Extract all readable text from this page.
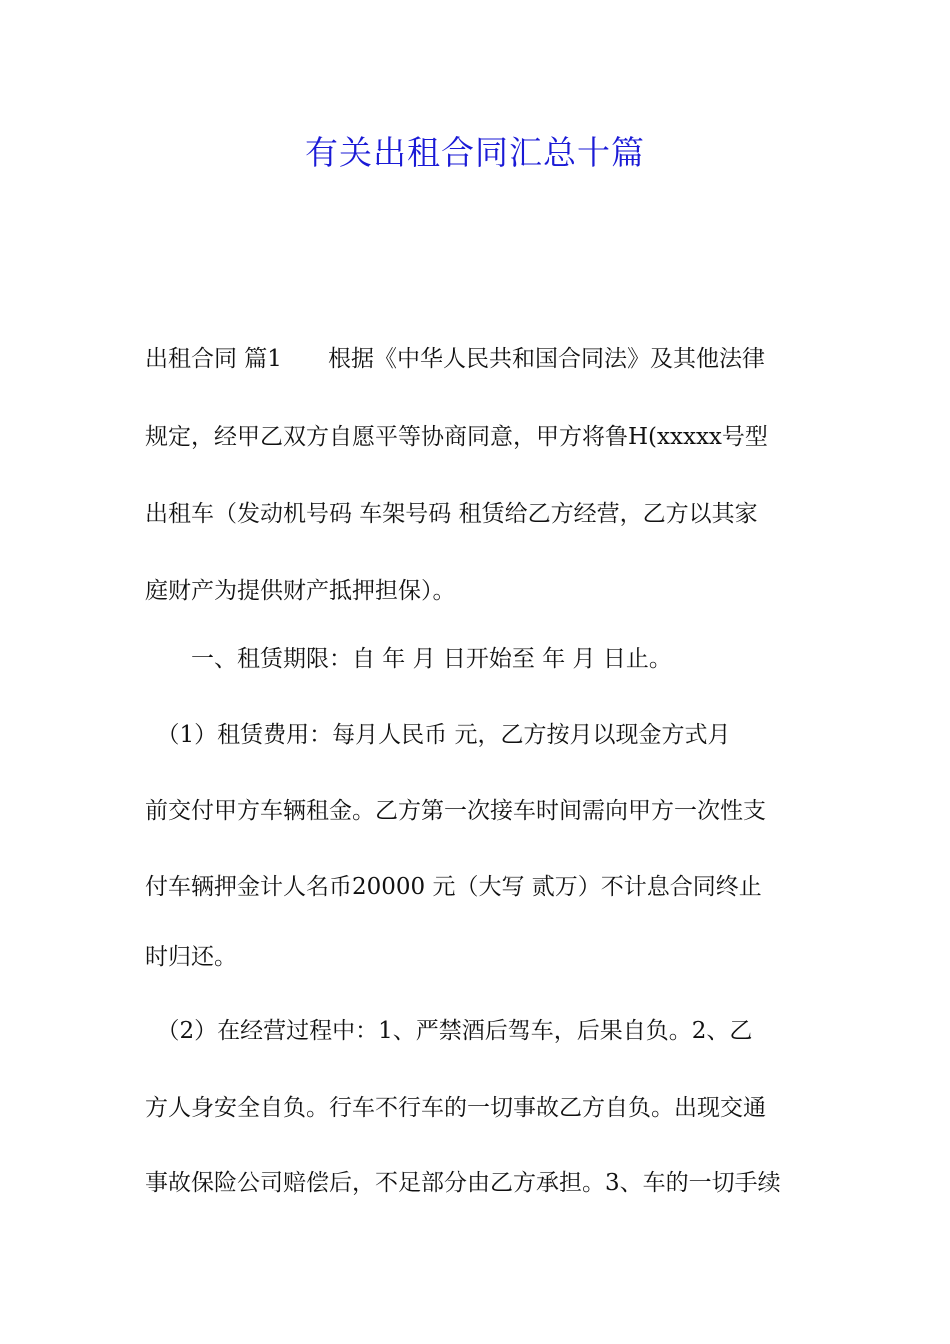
有关出租合同汇总十篇
出租合同 篇1　　根据《中华人民共和国合同法》及其他法律
规定，经甲乙双方自愿平等协商同意，甲方将鲁H(xxxxx号型
出租车（发动机号码 车架号码 租赁给乙方经营，乙方以其家
庭财产为提供财产抵押担保）。
　　一、租赁期限：自 年 月 日开始至 年 月 日止。
　（1）租赁费用：每月人民币 元，乙方按月以现金方式月
前交付甲方车辆租金。乙方第一次接车时间需向甲方一次性支
付车辆押金计人名币20000 元（大写 贰万）不计息合同终止
时归还。
　（2）在经营过程中：1、严禁酒后驾车，后果自负。2、乙
方人身安全自负。行车不行车的一切事故乙方自负。出现交通
事故保险公司赔偿后，不足部分由乙方承担。3、车的一切手续
